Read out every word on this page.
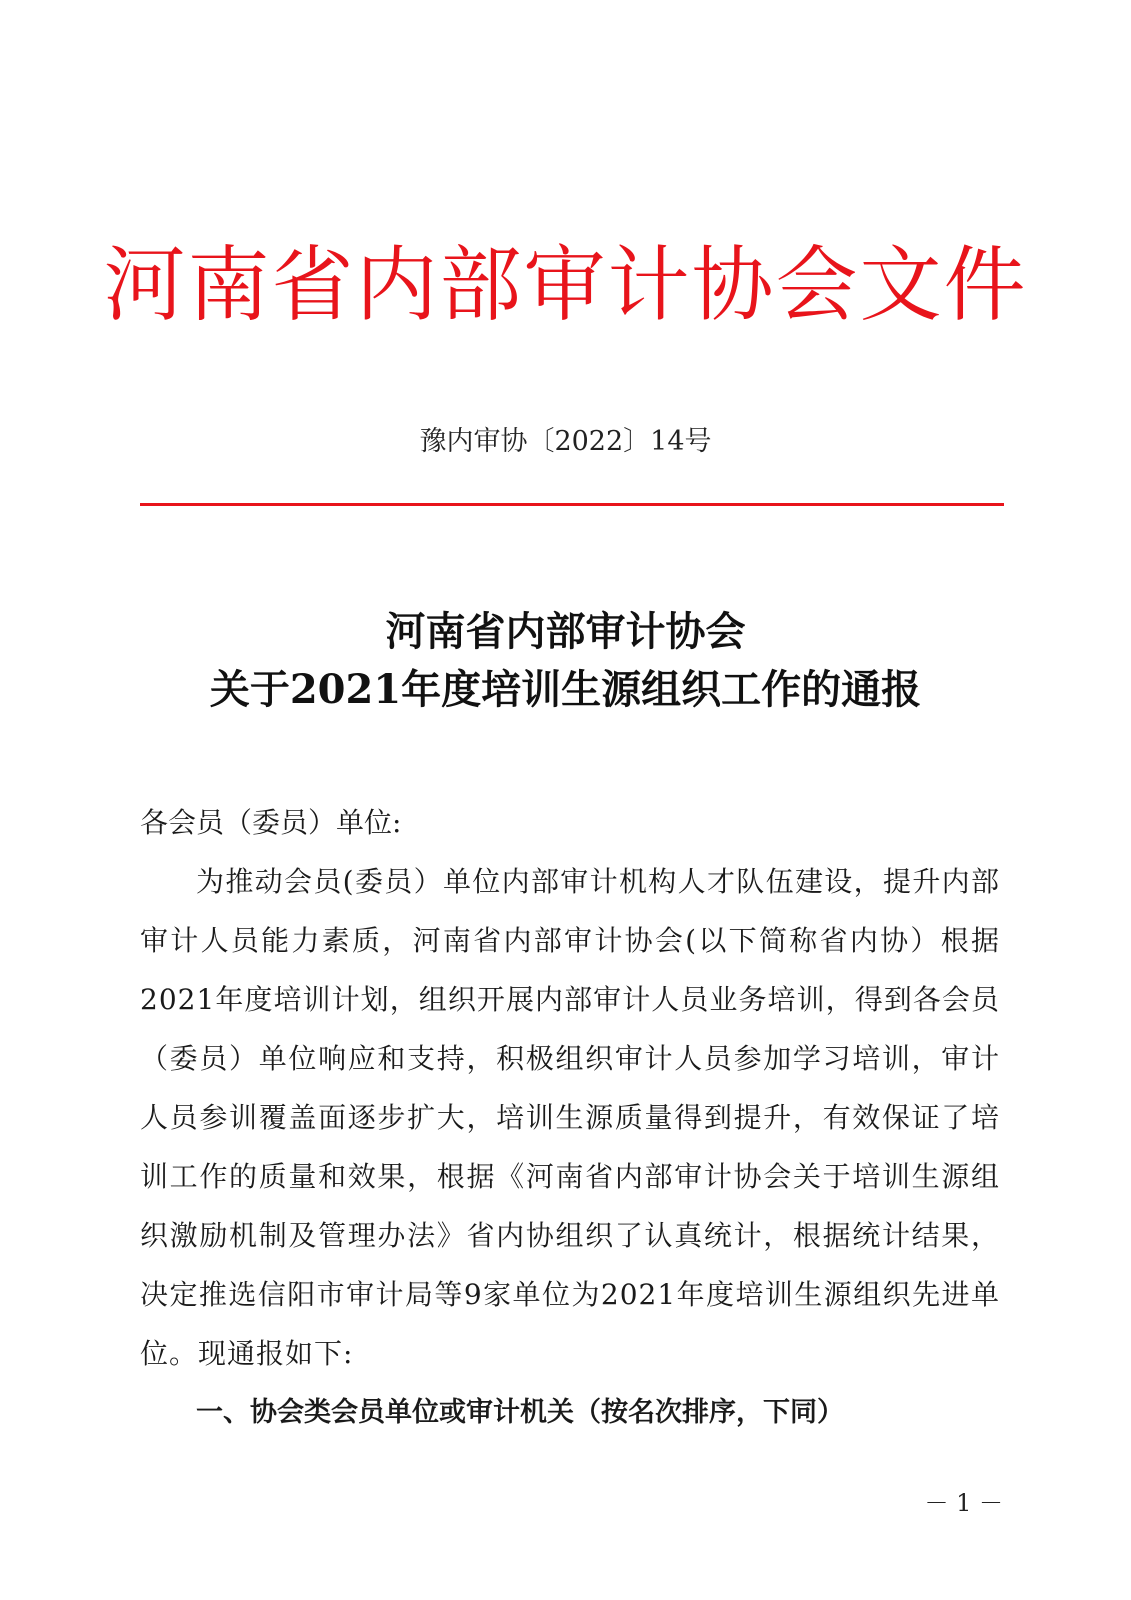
河南省内部审计协会文件
豫内审协〔2022〕14号
河南省内部审计协会
关于2021年度培训生源组织工作的通报
各会员（委员）单位:

为推动会员(委员）单位内部审计机构人才队伍建设，提升内部审计人员能力素质，河南省内部审计协会(以下简称省内协）根据2021年度培训计划，组织开展内部审计人员业务培训，得到各会员（委员）单位响应和支持，积极组织审计人员参加学习培训，审计人员参训覆盖面逐步扩大，培训生源质量得到提升，有效保证了培训工作的质量和效果，根据《河南省内部审计协会关于培训生源组织激励机制及管理办法》省内协组织了认真统计，根据统计结果，决定推选信阳市审计局等9家单位为2021年度培训生源组织先进单位。现通报如下:

一、协会类会员单位或审计机关（按名次排序，下同）
－ 1 －
